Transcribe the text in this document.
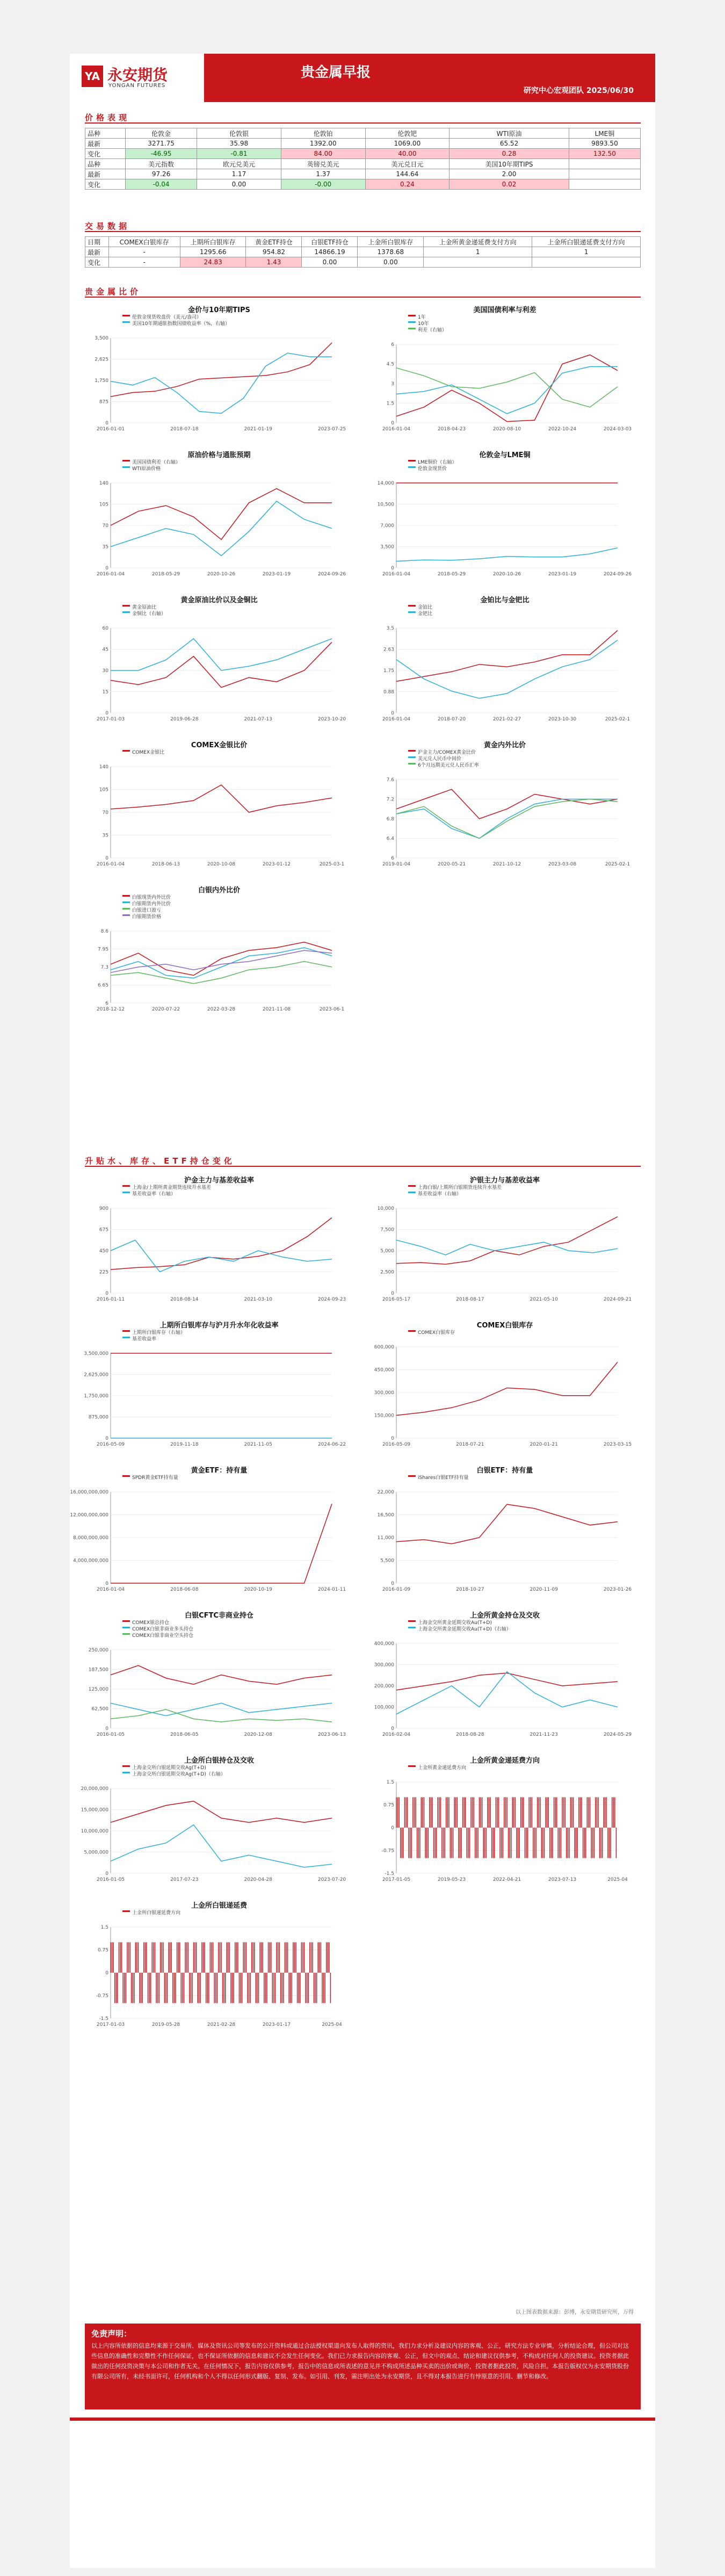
YA 永安期货
YONGAN FUTURES
贵金属早报
研究中心宏观团队 2025/06/30
价格表现
品种	伦敦金	伦敦银	伦敦铂	伦敦钯	WTI原油	LME铜
最新	3271.75	35.98	1392.00	1069.00	65.52	9893.50
变化	-46.95	-0.81	84.00	40.00	0.28	132.50
品种	美元指数	欧元兑美元	英镑兑美元	美元兑日元	美国10年期TIPS	
最新	97.26	1.17	1.37	144.64	2.00	
变化	-0.04	0.00	-0.00	0.24	0.02	
交易数据
日期	COMEX白银库存	上期所白银库存	黄金ETF持仓	白银ETF持仓	上金所白银库存	上金所黄金递延费支付方向	上金所白银递延费支付方向
最新	-	1295.66	954.82	14866.19	1378.68	1	1
变化	-	24.83	1.43	0.00	0.00		
贵金属比价
升贴水、库存、ETF持仓变化
金价与10年期TIPS
伦敦金现货收盘价（美元/盎司）
美国10年期通胀指数国债收益率（%，右轴）
0
875
1,750
2,625
3,500
2016-01-01	2018-07-18	2021-01-19	2023-07-25
美国国债利率与利差
1年
10年
利差（右轴）
0
1.5
3
4.5
6
2016-01-04	2018-04-23	2020-08-10	2022-10-24	2024-03-03
原油价格与通胀预期
美国国债利差（右轴）
WTI原油价格
0
35
70
105
140
2016-01-04	2018-05-29	2020-10-26	2023-01-19	2024-09-26
伦敦金与LME铜
LME铜价（右轴）
伦敦金现货价
0
3,500
7,000
10,500
14,000
2016-01-04	2018-05-29	2020-10-26	2023-01-19	2024-09-26
黄金原油比价以及金铜比
黄金原油比
金铜比（右轴）
0
15
30
45
60
2017-01-03	2019-06-28	2021-07-13	2023-10-20
金铂比与金钯比
金铂比
金钯比
0
0.88
1.75
2.63
3.5
2016-01-04	2018-07-20	2021-02-27	2023-10-30	2025-02-1
COMEX金银比价
COMEX金银比
0
35
70
105
140
2016-01-04	2018-06-13	2020-10-08	2023-01-12	2025-03-1
黄金内外比价
沪金主力/COMEX黄金比价
美元兑人民币中间价
6个月远期美元兑人民币汇率
6
6.4
6.8
7.2
7.6
2019-01-04	2020-05-21	2021-10-12	2023-03-08	2025-02-1
白银内外比价
白银现货内外比价
白银期货内外比价
白银进口盈亏
白银期货价格
6
6.65
7.3
7.95
8.6
2018-12-12	2020-07-22	2022-03-28	2021-11-08	2023-06-1
沪金主力与基差收益率
上海金/上期所黄金期货连续升水基差
基差收益率（右轴）
0
225
450
675
900
2016-01-11	2018-08-14	2021-03-10	2024-09-23
沪银主力与基差收益率
上海白银/上期所白银期货连续升水基差
基差收益率（右轴）
0
2,500
5,000
7,500
10,000
2016-05-17	2018-08-17	2021-05-10	2024-09-21
上期所白银库存与沪月升水年化收益率
上期所白银库存（右轴）
基差收益率
0
875,000
1,750,000
2,625,000
3,500,000
2016-05-09	2019-11-18	2021-11-05	2024-06-22
COMEX白银库存
COMEX白银库存
0
150,000
300,000
450,000
600,000
2016-05-09	2018-07-21	2020-01-21	2023-03-15
黄金ETF：持有量
SPDR黄金ETF持有量
0
4,000,000,000
8,000,000,000
12,000,000,000
16,000,000,000
2016-01-04	2018-06-08	2020-10-19	2024-01-11
白银ETF：持有量
iShares白银ETF持有量
0
5,500
11,000
16,500
22,000
2016-01-09	2018-10-27	2020-11-09	2023-01-26
白银CFTC非商业持仓
COMEX银总持仓
COMEX白银非商业多头持仓
COMEX白银非商业空头持仓
0
62,500
125,000
187,500
250,000
2016-01-05	2018-06-05	2020-12-08	2023-06-13
上金所黄金持仓及交收
上海金交所黄金延期交收Au(T+D)
上海金交所黄金延期交收Au(T+D)（右轴）
0
100,000
200,000
300,000
400,000
2016-02-04	2018-08-28	2021-11-23	2024-05-29
上金所白银持仓及交收
上海金交所白银延期交收Ag(T+D)
上海金交所白银延期交收Ag(T+D)（右轴）
0
5,000,000
10,000,000
15,000,000
20,000,000
2016-01-05	2017-07-23	2020-04-28	2023-07-20
上金所黄金递延费方向
上金所黄金递延费方向
-1.5
-0.75
0
0.75
1.5
2017-01-05	2019-05-23	2022-04-21	2023-07-13	2025-04
上金所白银递延费
上金所白银递延费方向
-1.5
-0.75
0
0.75
1.5
2017-01-03	2019-05-28	2021-02-28	2023-01-17	2025-04
以上图表数据来源：彭博，永安期货研究所，万得
免责声明：
以上内容所依据的信息均来源于交易所、媒体及资讯公司等发布的公开资料或通过合法授权渠道向发布人取得的资讯，我们力求分析及建议内容的客观、公正，研究方法专业审慎，分析结论合理，但公司对这些信息的准确性和完整性不作任何保证，也不保证所依据的信息和建议不会发生任何变化。我们已力求报告内容的客观、公正，但文中的观点、结论和建议仅供参考，不构成对任何人的投资建议。投资者据此做出的任何投资决策与本公司和作者无关。在任何情况下，报告内容仅供参考，报告中的信息或所表述的意见并不构成所述品种买卖的出价或询价，投资者据此投资，风险自担。本报告版权仅为永安期货股份有限公司所有，未经书面许可，任何机构和个人不得以任何形式翻版、复制、发布。如引用、刊发，需注明出处为永安期货，且不得对本报告进行有悖原意的引用、删节和修改。
